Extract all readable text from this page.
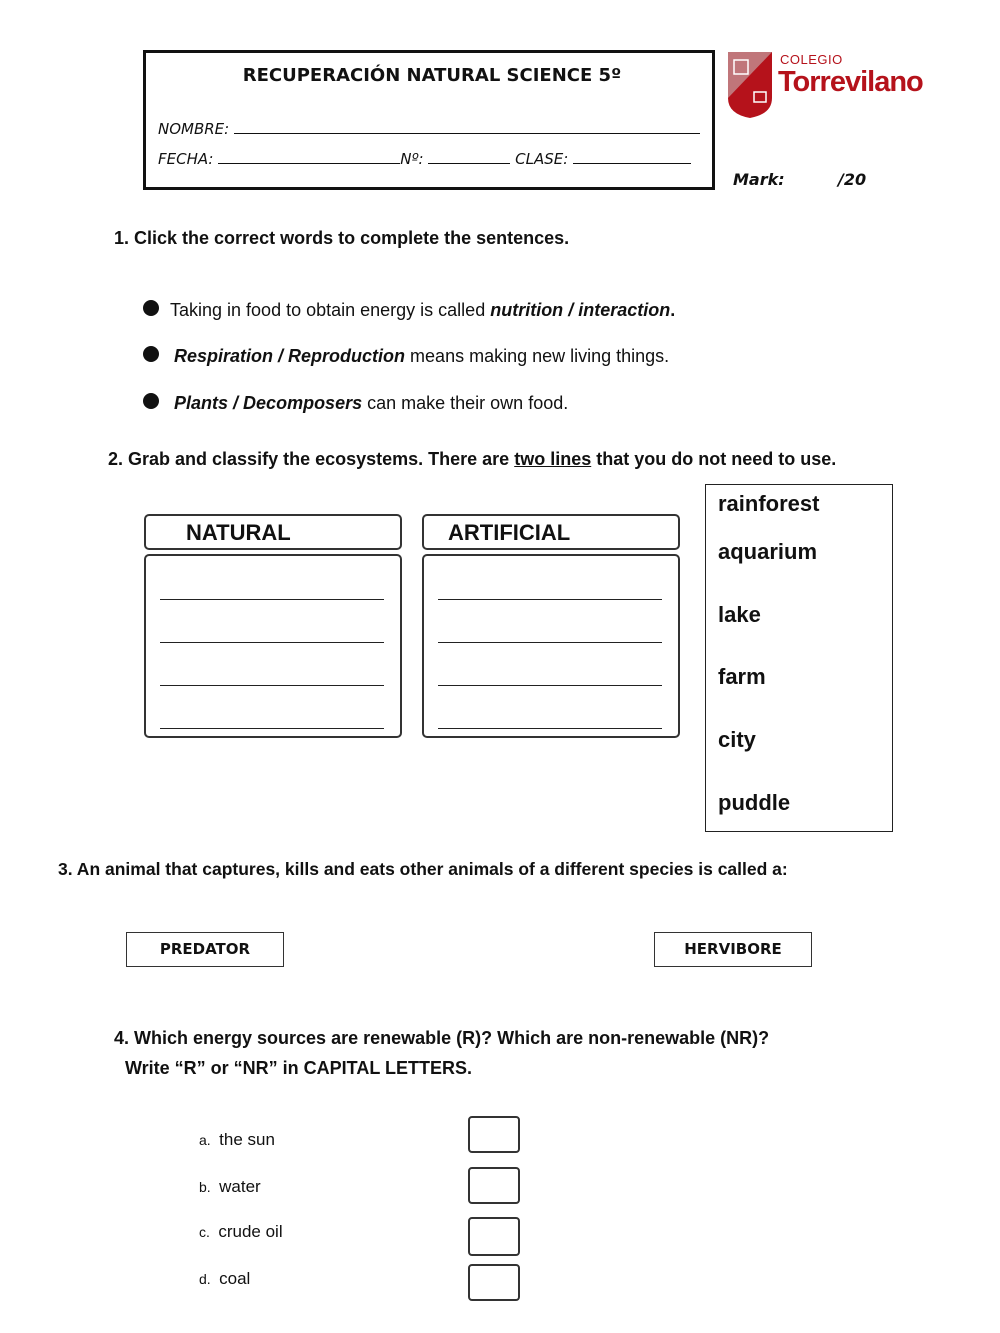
RECUPERACIÓN NATURAL SCIENCE 5º
NOMBRE:
FECHA:	Nº:	CLASE:
COLEGIO
Torrevilano
Mark:	/20
1. Click the correct words to complete the sentences.
Taking in food to obtain energy is called nutrition / interaction.
Respiration / Reproduction means making new living things.
Plants / Decomposers can make their own food.
2. Grab and classify the ecosystems. There are two lines that you do not need to use.
NATURAL	ARTIFICIAL
rainforest
aquarium
lake
farm
city
puddle
3. An animal that captures, kills and eats other animals of a different species is called a:
PREDATOR	HERVIBORE
4. Which energy sources are renewable (R)? Which are non-renewable (NR)?
Write “R” or “NR” in CAPITAL LETTERS.
a. the sun
b. water
c. crude oil
d. coal
